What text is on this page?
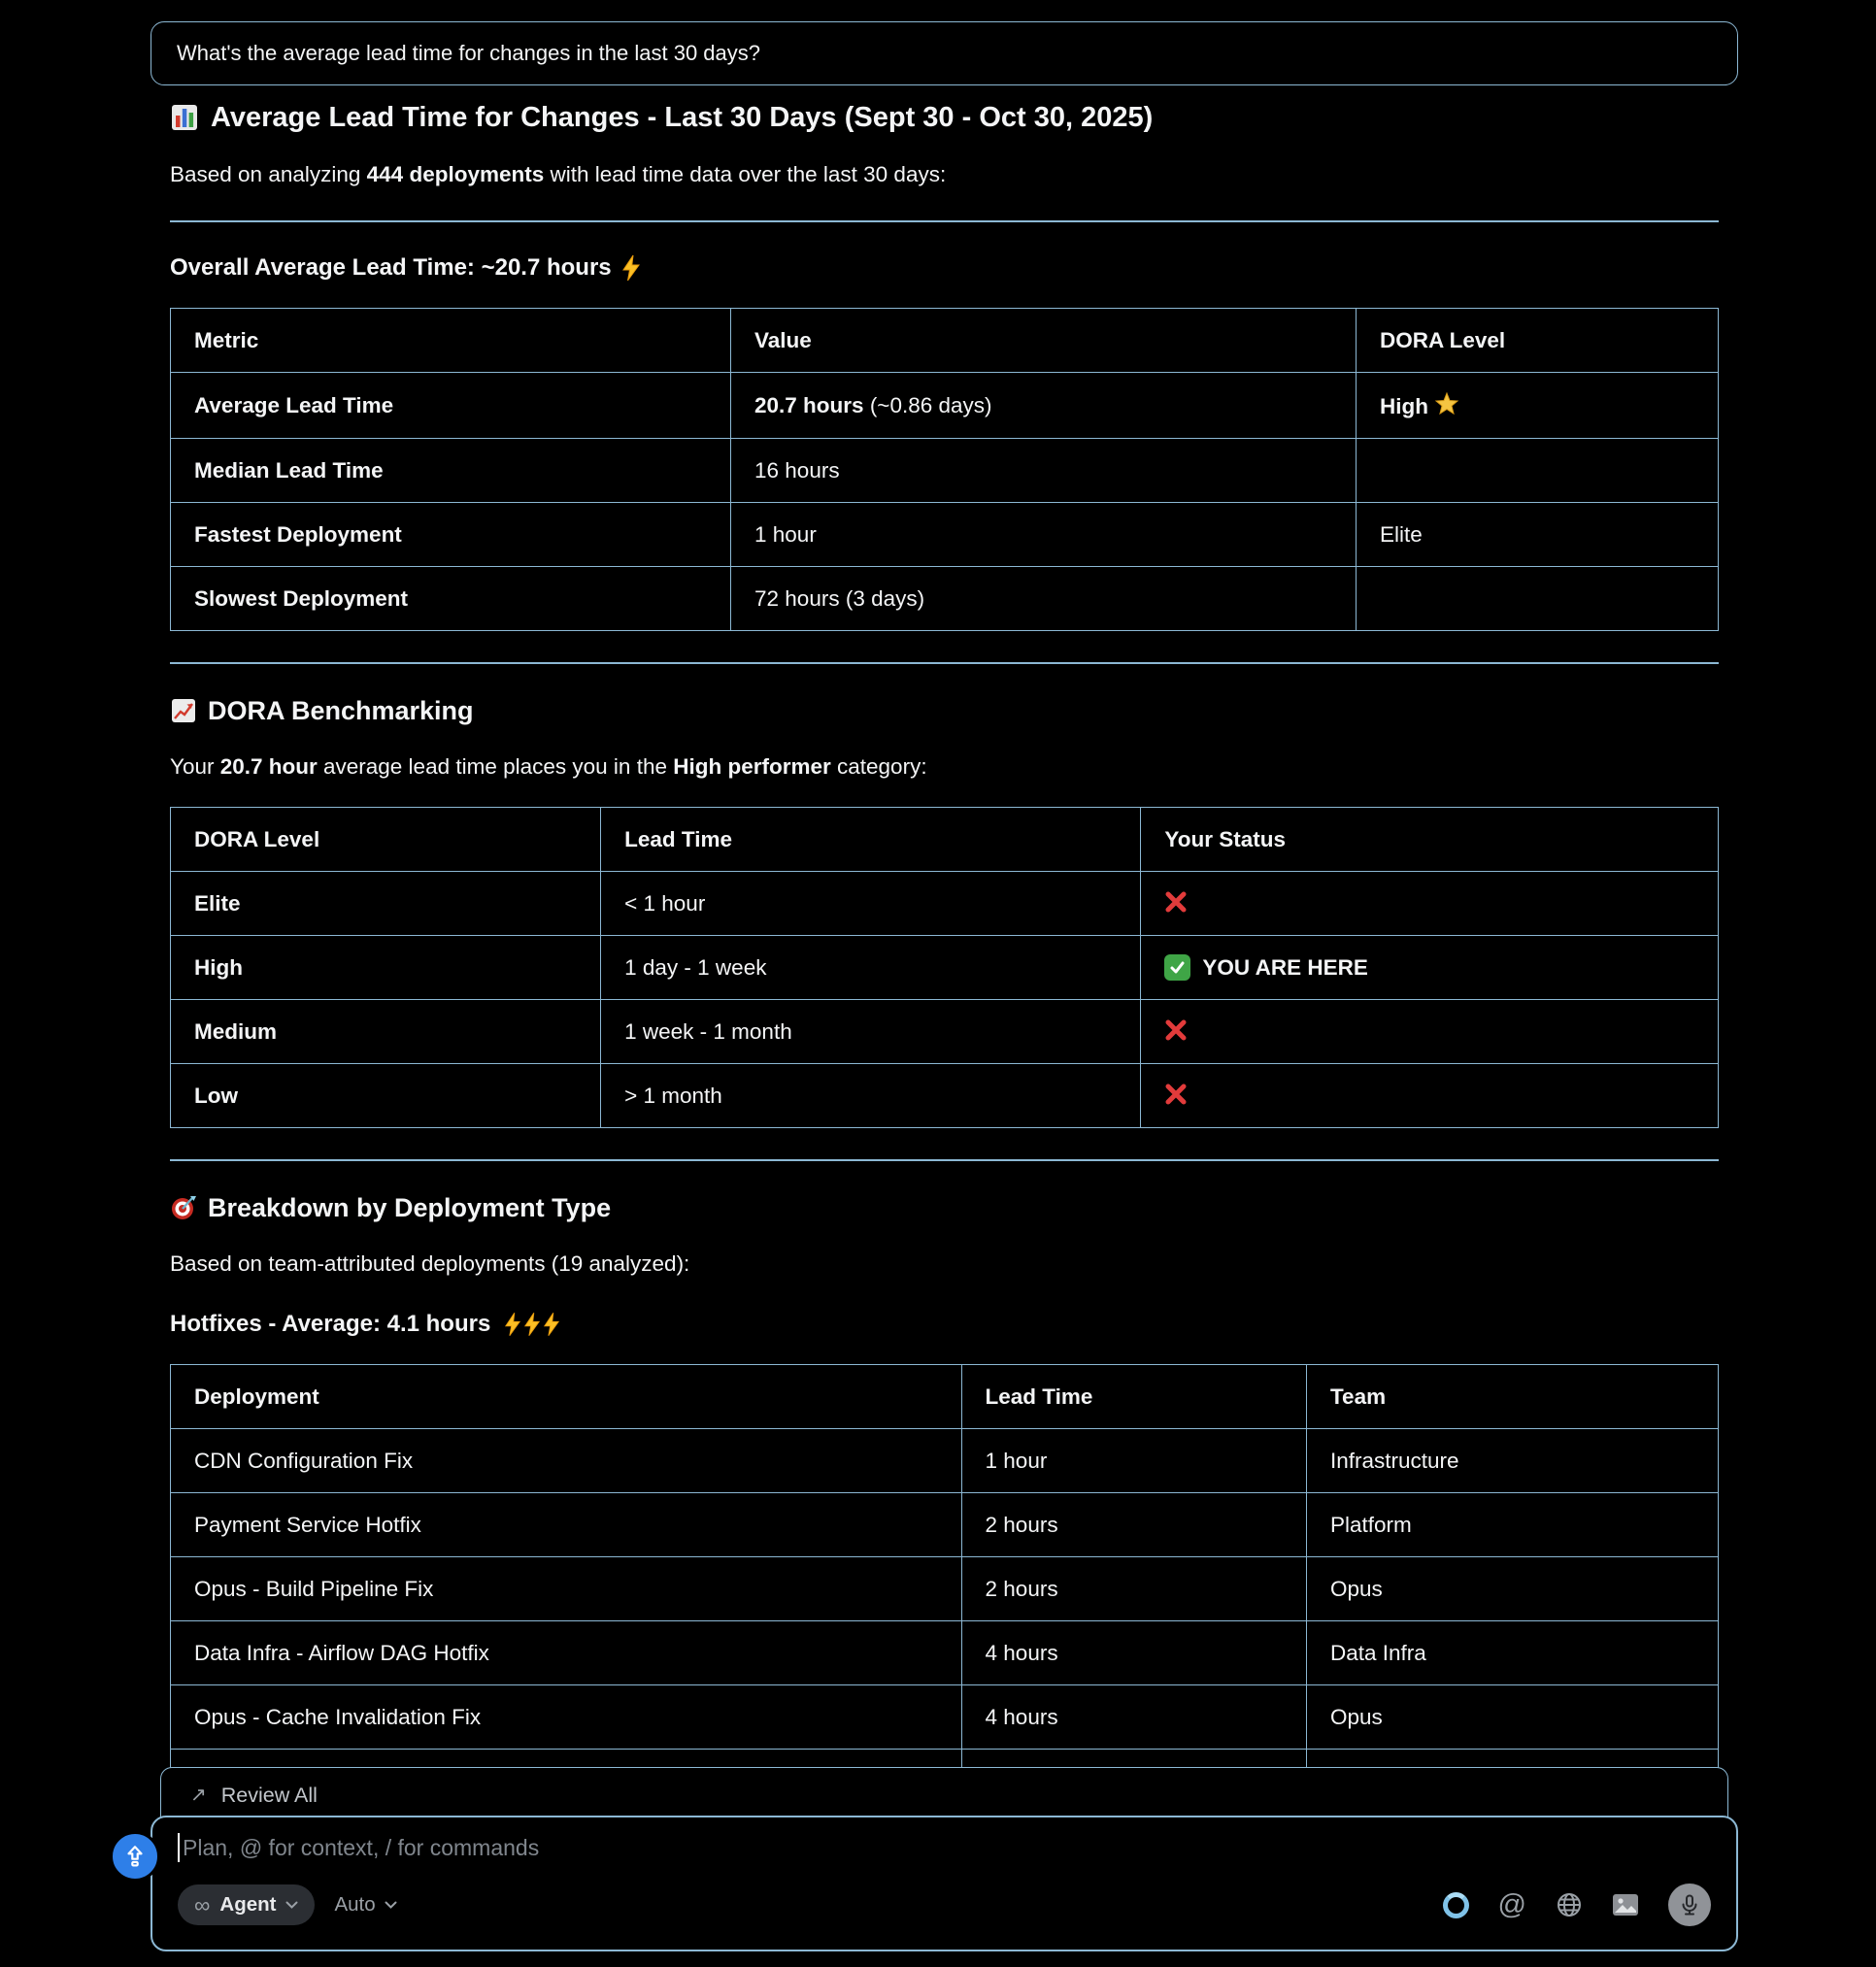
What's the average lead time for changes in the last 30 days?
Average Lead Time for Changes - Last 30 Days (Sept 30 - Oct 30, 2025)

Based on analyzing 444 deployments with lead time data over the last 30 days:

Overall Average Lead Time: ~20.7 hours
Metric	Value	DORA Level
Average Lead Time	20.7 hours (~0.86 days)	High
Median Lead Time	16 hours	
Fastest Deployment	1 hour	Elite
Slowest Deployment	72 hours (3 days)	
DORA Benchmarking

Your 20.7 hour average lead time places you in the High performer category:

DORA Level	Lead Time	Your Status
Elite	< 1 hour	
High	1 day - 1 week	YOU ARE HERE

Medium	1 week - 1 month	
Low	> 1 month	
Breakdown by Deployment Type

Based on team-attributed deployments (19 analyzed):

Hotfixes - Average: 4.1 hours
Deployment	Lead Time	Team
CDN Configuration Fix	1 hour	Infrastructure
Payment Service Hotfix	2 hours	Platform
Opus - Build Pipeline Fix	2 hours	Opus
Data Infra - Airflow DAG Hotfix	4 hours	Data Infra
Opus - Cache Invalidation Fix	4 hours	Opus

↗ Review All
Plan, @ for context, / for commands
∞ Agent	Auto	@
